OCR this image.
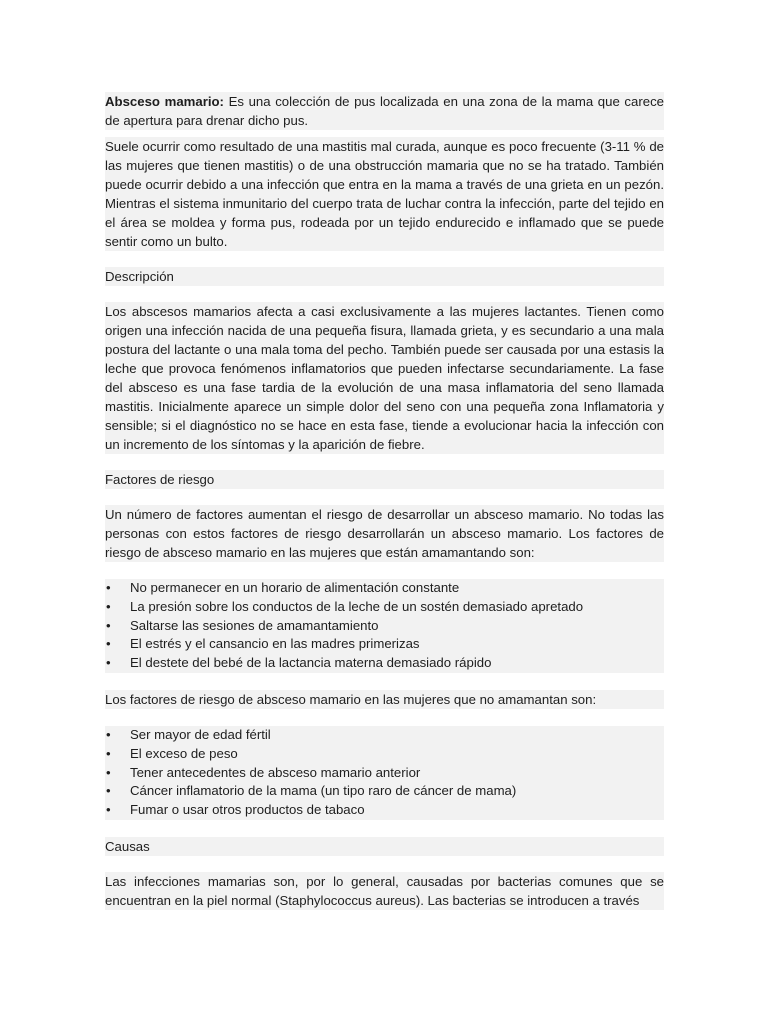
Absceso mamario: Es una colección de pus localizada en una zona de la mama que carece de apertura para drenar dicho pus.

Suele ocurrir como resultado de una mastitis mal curada, aunque es poco frecuente (3-11 % de las mujeres que tienen mastitis) o de una obstrucción mamaria que no se ha tratado. También puede ocurrir debido a una infección que entra en la mama a través de una grieta en un pezón. Mientras el sistema inmunitario del cuerpo trata de luchar contra la infección, parte del tejido en el área se moldea y forma pus, rodeada por un tejido endurecido e inflamado que se puede sentir como un bulto.

Descripción

Los abscesos mamarios afecta a casi exclusivamente a las mujeres lactantes. Tienen como origen una infección nacida de una pequeña fisura, llamada grieta, y es secundario a una mala postura del lactante o una mala toma del pecho. También puede ser causada por una estasis la leche que provoca fenómenos inflamatorios que pueden infectarse secundariamente. La fase del absceso es una fase tardia de la evolución de una masa inflamatoria del seno llamada mastitis. Inicialmente aparece un simple dolor del seno con una pequeña zona Inflamatoria y sensible; si el diagnóstico no se hace en esta fase, tiende a evolucionar hacia la infección con un incremento de los síntomas y la aparición de fiebre.

Factores de riesgo

Un número de factores aumentan el riesgo de desarrollar un absceso mamario. No todas las personas con estos factores de riesgo desarrollarán un absceso mamario. Los factores de riesgo de absceso mamario en las mujeres que están amamantando son:

• No permanecer en un horario de alimentación constante
• La presión sobre los conductos de la leche de un sostén demasiado apretado
• Saltarse las sesiones de amamantamiento
• El estrés y el cansancio en las madres primerizas
• El destete del bebé de la lactancia materna demasiado rápido

Los factores de riesgo de absceso mamario en las mujeres que no amamantan son:

• Ser mayor de edad fértil
• El exceso de peso
• Tener antecedentes de absceso mamario anterior
• Cáncer inflamatorio de la mama (un tipo raro de cáncer de mama)
• Fumar o usar otros productos de tabaco
Causas

Las infecciones mamarias son, por lo general, causadas por bacterias comunes que se encuentran en la piel normal (Staphylococcus aureus). Las bacterias se introducen a través
